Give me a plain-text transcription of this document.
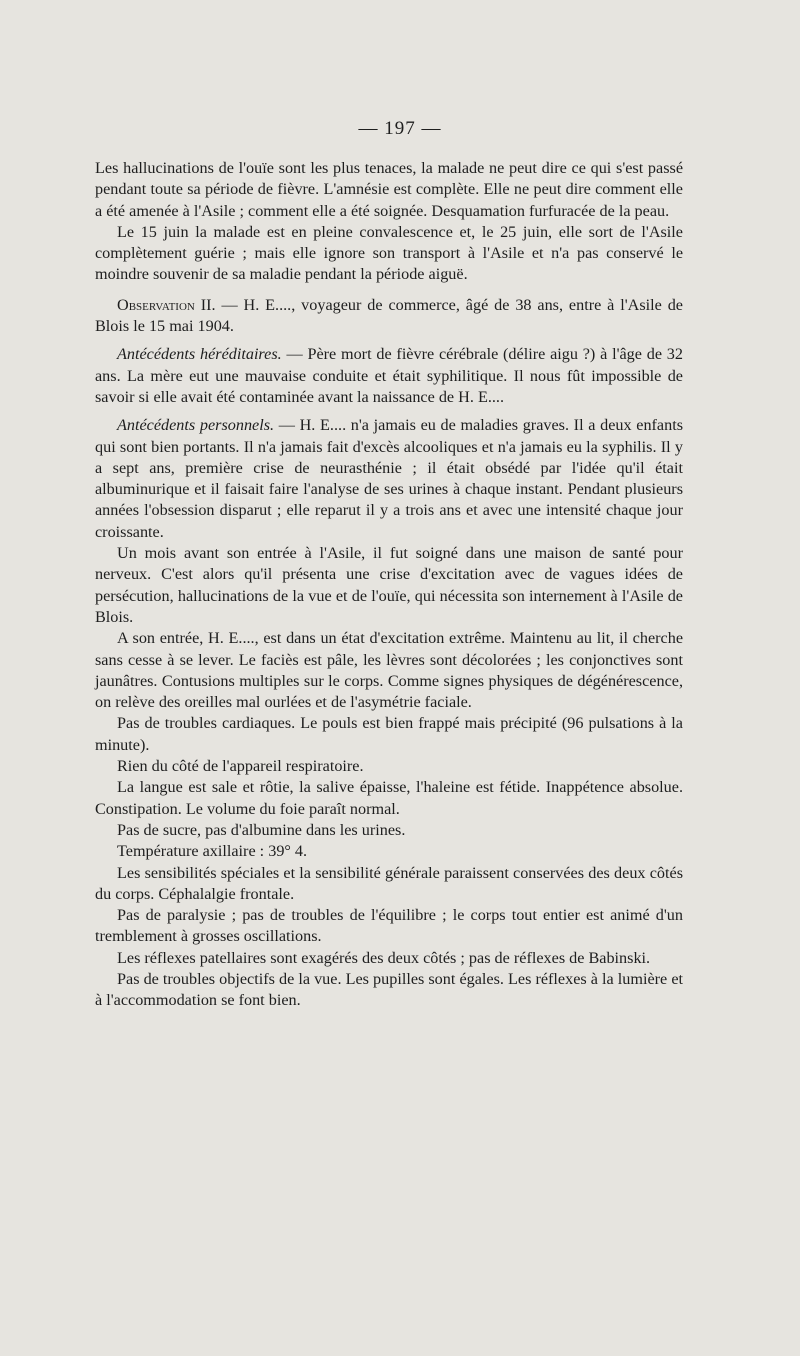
— 197 —

Les hallucinations de l'ouïe sont les plus tenaces, la malade ne peut dire ce qui s'est passé pendant toute sa période de fièvre. L'amnésie est complète. Elle ne peut dire comment elle a été amenée à l'Asile ; comment elle a été soignée. Desquamation furfuracée de la peau.

Le 15 juin la malade est en pleine convalescence et, le 25 juin, elle sort de l'Asile complètement guérie ; mais elle ignore son transport à l'Asile et n'a pas conservé le moindre souvenir de sa maladie pendant la période aiguë.

Observation II. — H. E...., voyageur de commerce, âgé de 38 ans, entre à l'Asile de Blois le 15 mai 1904.

Antécédents héréditaires. — Père mort de fièvre cérébrale (délire aigu ?) à l'âge de 32 ans. La mère eut une mauvaise conduite et était syphilitique. Il nous fût impossible de savoir si elle avait été contaminée avant la naissance de H. E....

Antécédents personnels. — H. E.... n'a jamais eu de maladies graves. Il a deux enfants qui sont bien portants. Il n'a jamais fait d'excès alcooliques et n'a jamais eu la syphilis. Il y a sept ans, première crise de neurasthénie ; il était obsédé par l'idée qu'il était albuminurique et il faisait faire l'analyse de ses urines à chaque instant. Pendant plusieurs années l'obsession disparut ; elle reparut il y a trois ans et avec une intensité chaque jour croissante.

Un mois avant son entrée à l'Asile, il fut soigné dans une maison de santé pour nerveux. C'est alors qu'il présenta une crise d'excitation avec de vagues idées de persécution, hallucinations de la vue et de l'ouïe, qui nécessita son internement à l'Asile de Blois.

A son entrée, H. E...., est dans un état d'excitation extrême. Maintenu au lit, il cherche sans cesse à se lever. Le faciès est pâle, les lèvres sont décolorées ; les conjonctives sont jaunâtres. Contusions multiples sur le corps. Comme signes physiques de dégénérescence, on relève des oreilles mal ourlées et de l'asymétrie faciale.

Pas de troubles cardiaques. Le pouls est bien frappé mais précipité (96 pulsations à la minute).

Rien du côté de l'appareil respiratoire.

La langue est sale et rôtie, la salive épaisse, l'haleine est fétide. Inappétence absolue. Constipation. Le volume du foie paraît normal.

Pas de sucre, pas d'albumine dans les urines.

Température axillaire : 39° 4.

Les sensibilités spéciales et la sensibilité générale paraissent conservées des deux côtés du corps. Céphalalgie frontale.

Pas de paralysie ; pas de troubles de l'équilibre ; le corps tout entier est animé d'un tremblement à grosses oscillations.

Les réflexes patellaires sont exagérés des deux côtés ; pas de réflexes de Babinski.

Pas de troubles objectifs de la vue. Les pupilles sont égales. Les réflexes à la lumière et à l'accommodation se font bien.
